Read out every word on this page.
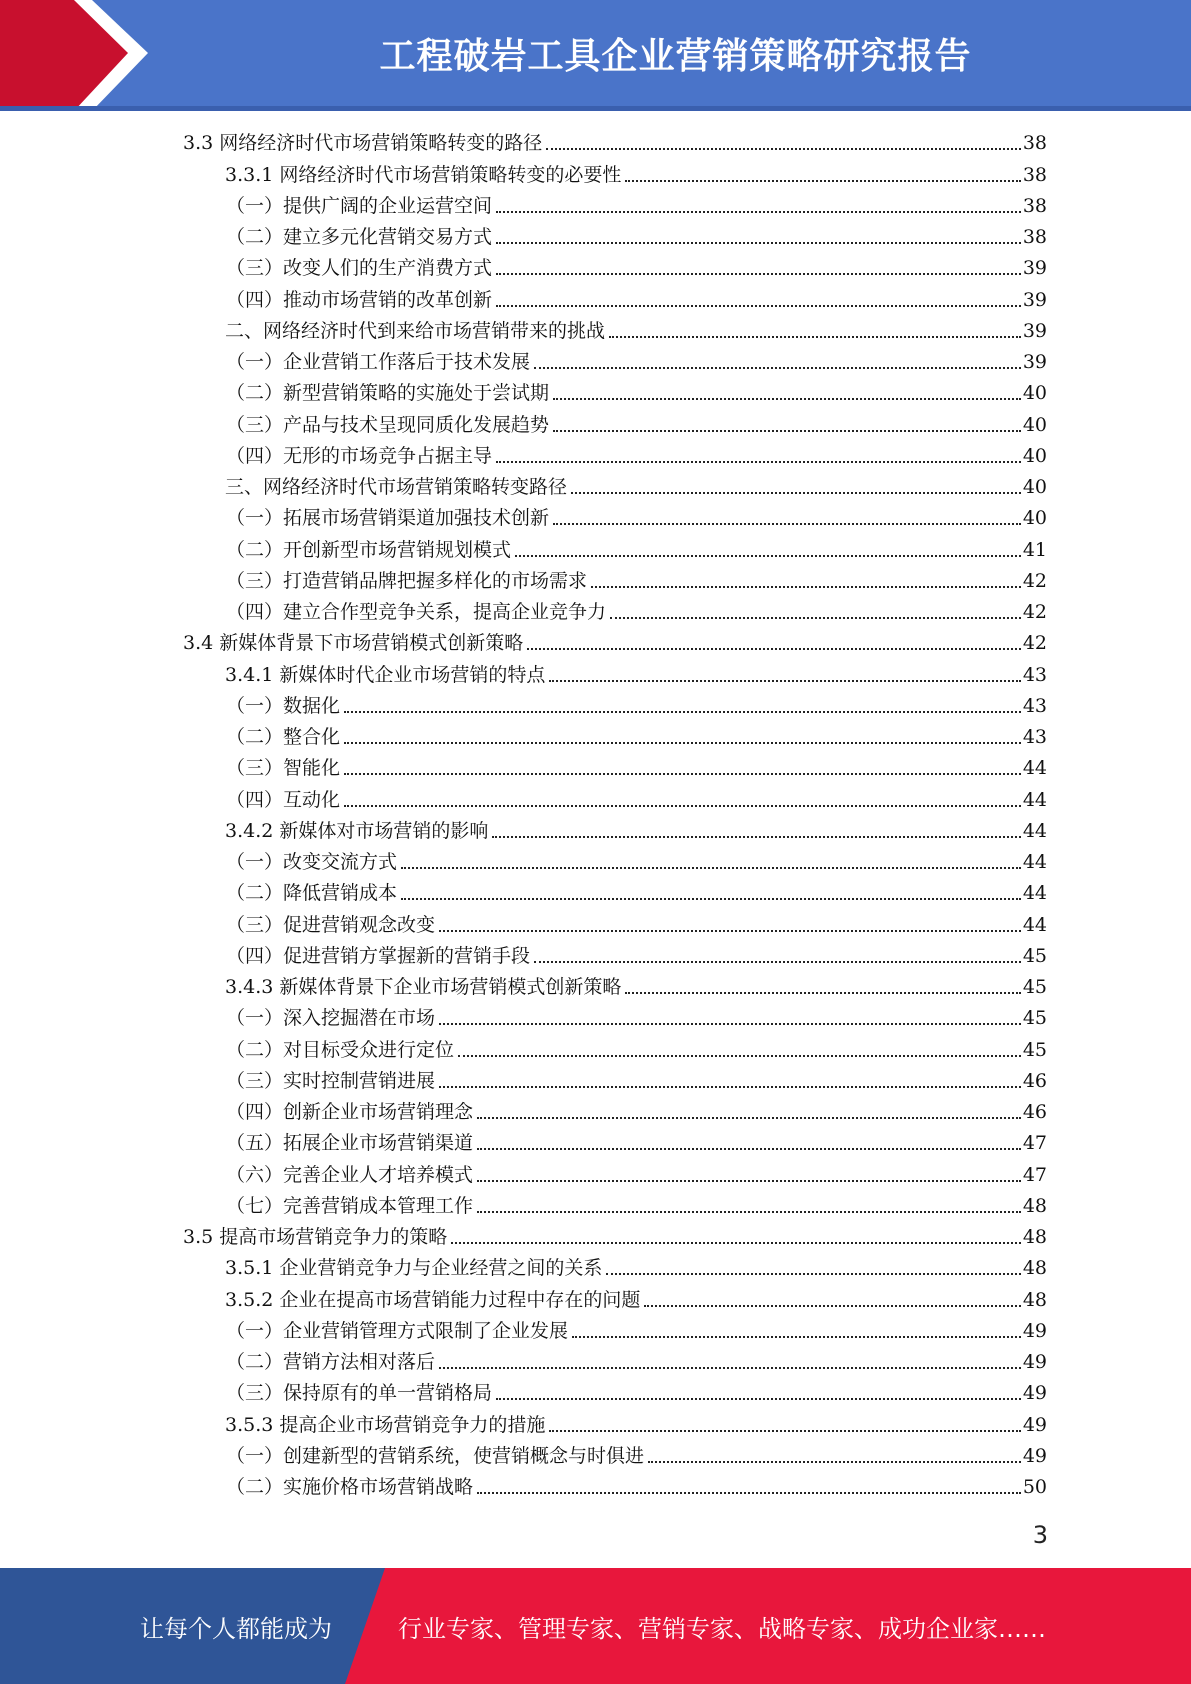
工程破岩工具企业营销策略研究报告
3.3 网络经济时代市场营销策略转变的路径	38
3.3.1 网络经济时代市场营销策略转变的必要性	38
（一）提供广阔的企业运营空间	38
（二）建立多元化营销交易方式	38
（三）改变人们的生产消费方式	39
（四）推动市场营销的改革创新	39
二、网络经济时代到来给市场营销带来的挑战	39
（一）企业营销工作落后于技术发展	39
（二）新型营销策略的实施处于尝试期	40
（三）产品与技术呈现同质化发展趋势	40
（四）无形的市场竞争占据主导	40
三、网络经济时代市场营销策略转变路径	40
（一）拓展市场营销渠道加强技术创新	40
（二）开创新型市场营销规划模式	41
（三）打造营销品牌把握多样化的市场需求	42
（四）建立合作型竞争关系，提高企业竞争力	42
3.4 新媒体背景下市场营销模式创新策略	42
3.4.1 新媒体时代企业市场营销的特点	43
（一）数据化	43
（二）整合化	43
（三）智能化	44
（四）互动化	44
3.4.2 新媒体对市场营销的影响	44
（一）改变交流方式	44
（二）降低营销成本	44
（三）促进营销观念改变	44
（四）促进营销方掌握新的营销手段	45
3.4.3 新媒体背景下企业市场营销模式创新策略	45
（一）深入挖掘潜在市场	45
（二）对目标受众进行定位	45
（三）实时控制营销进展	46
（四）创新企业市场营销理念	46
（五）拓展企业市场营销渠道	47
（六）完善企业人才培养模式	47
（七）完善营销成本管理工作	48
3.5 提高市场营销竞争力的策略	48
3.5.1 企业营销竞争力与企业经营之间的关系	48
3.5.2 企业在提高市场营销能力过程中存在的问题	48
（一）企业营销管理方式限制了企业发展	49
（二）营销方法相对落后	49
（三）保持原有的单一营销格局	49
3.5.3 提高企业市场营销竞争力的措施	49
（一）创建新型的营销系统，使营销概念与时俱进	49
（二）实施价格市场营销战略	50
3
让每个人都能成为	行业专家、管理专家、营销专家、战略专家、成功企业家……
